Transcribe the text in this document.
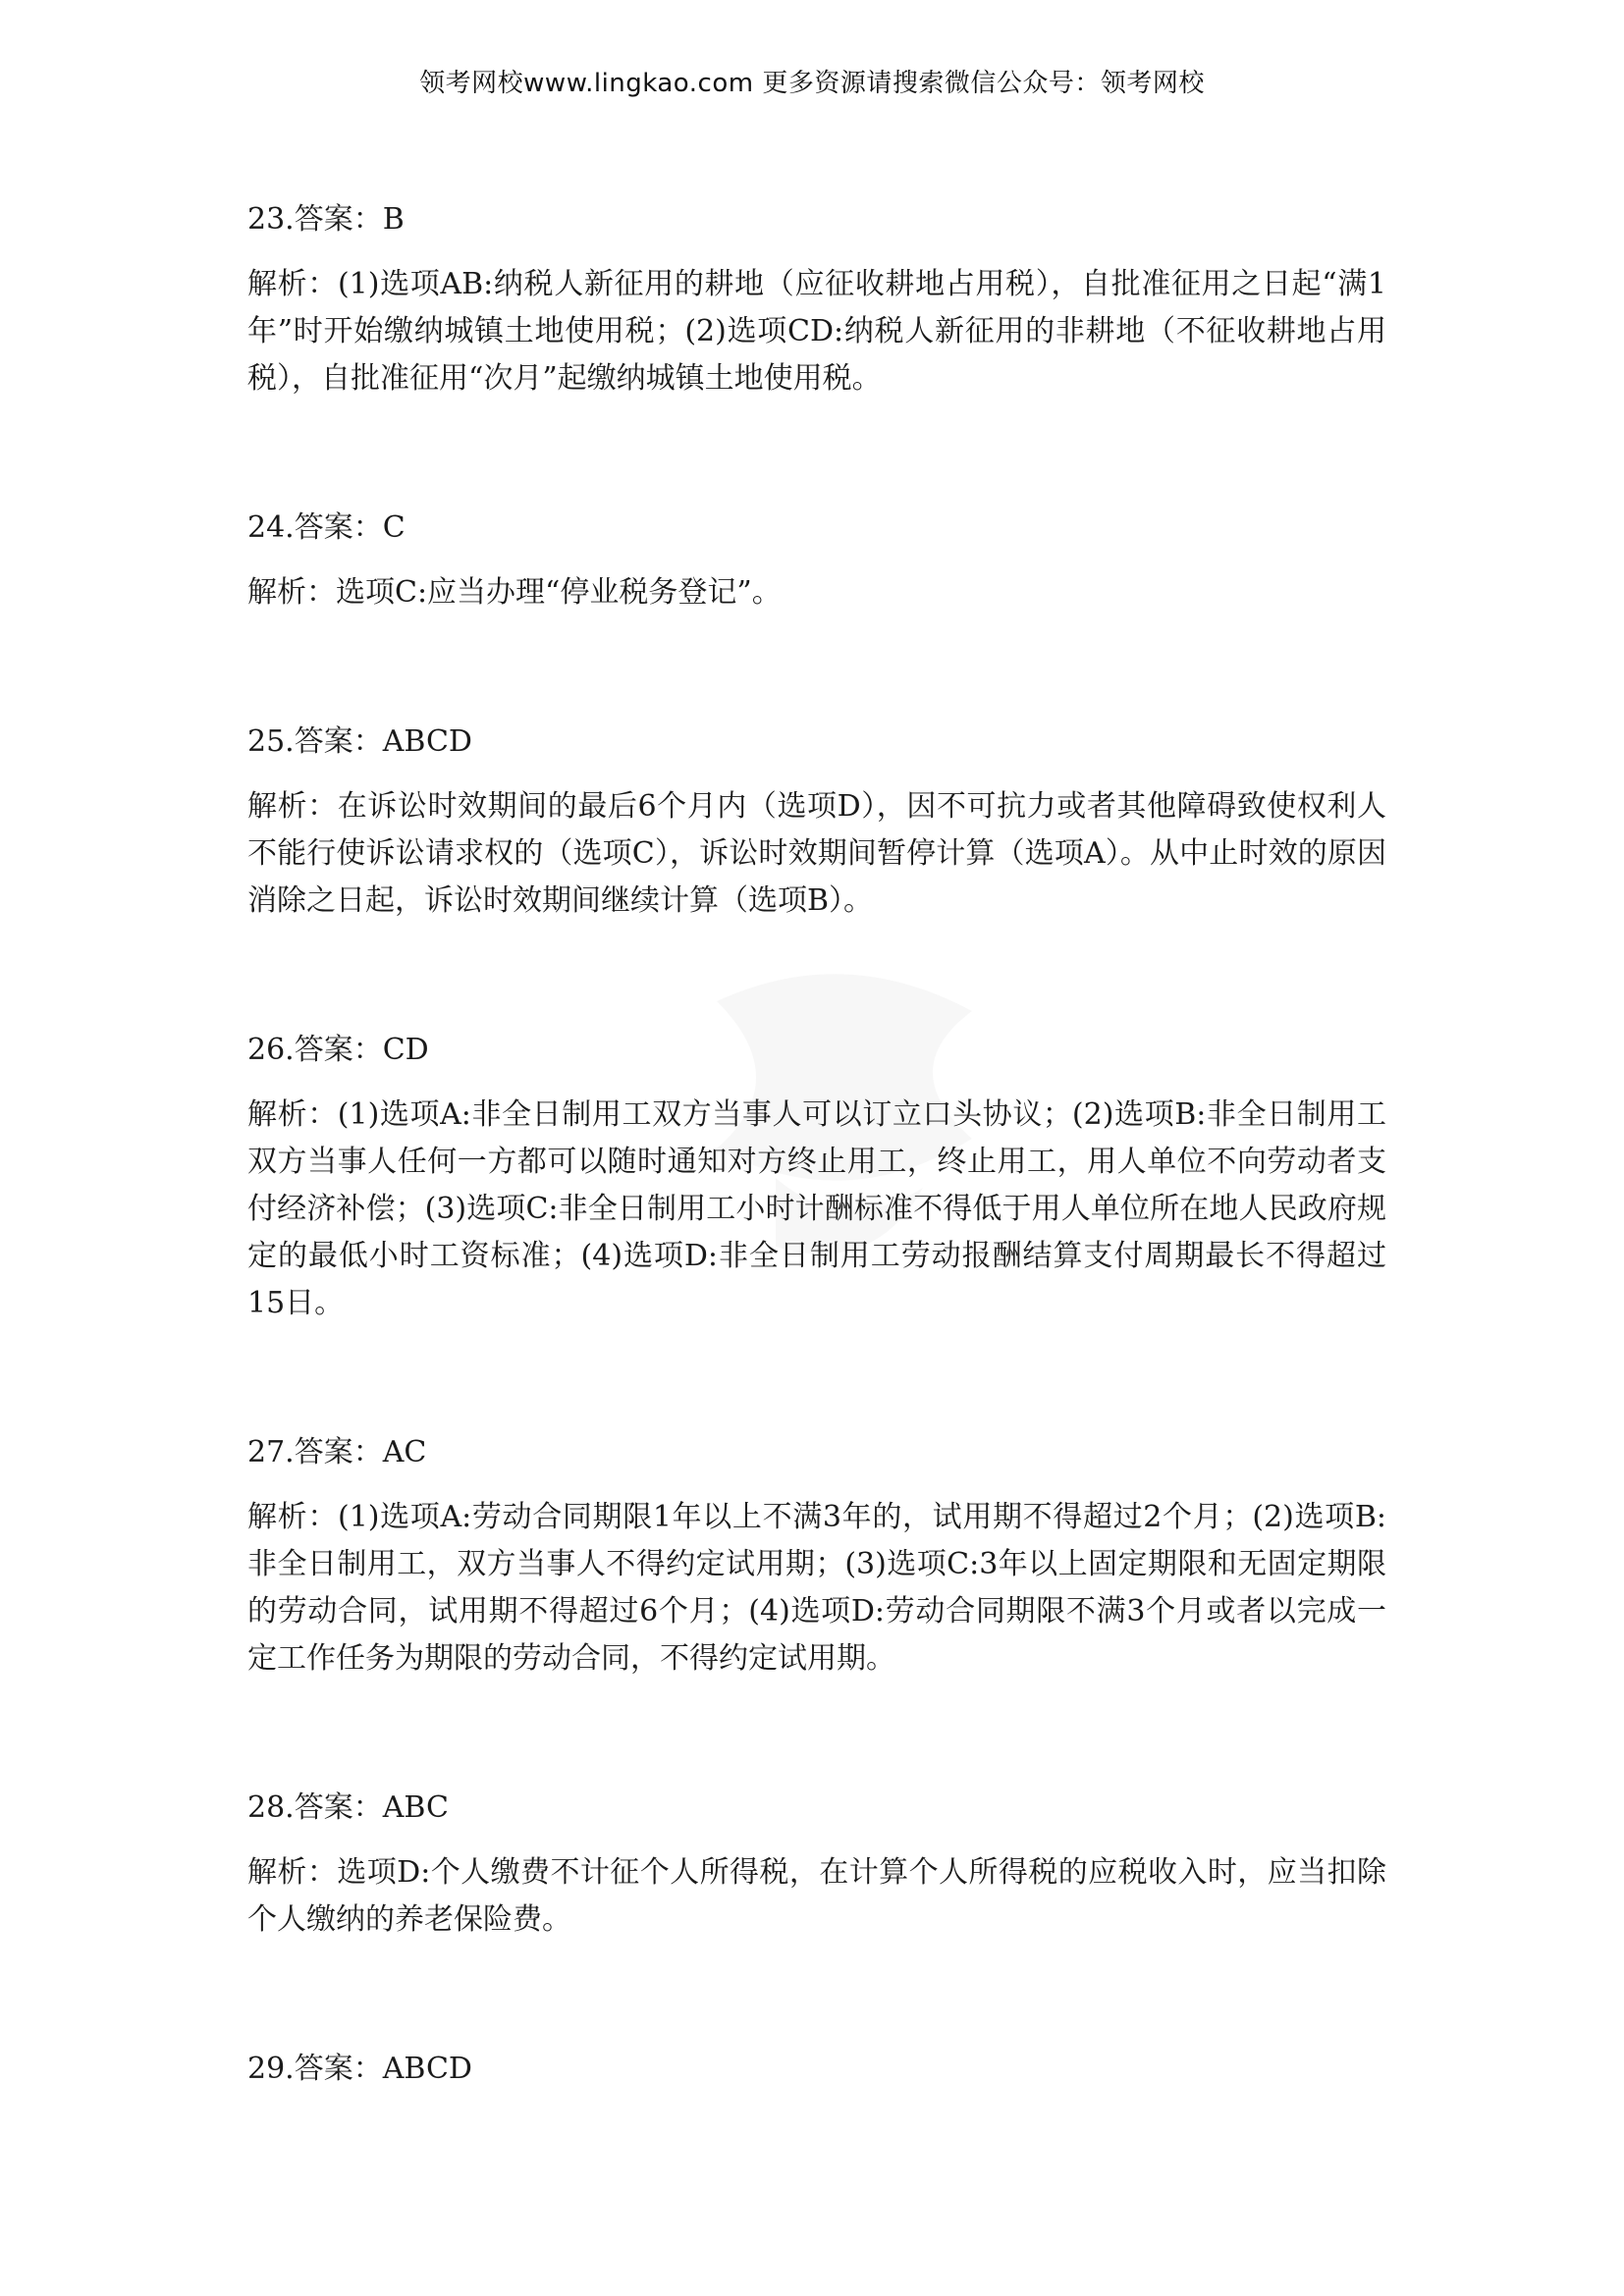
领考网校www.lingkao.com 更多资源请搜索微信公众号：领考网校

23.答案：B

解析：(1)选项AB:纳税人新征用的耕地（应征收耕地占用税），自批准征用之日起“满1年”时开始缴纳城镇土地使用税；(2)选项CD:纳税人新征用的非耕地（不征收耕地占用税），自批准征用“次月”起缴纳城镇土地使用税。

24.答案：C

解析：选项C:应当办理“停业税务登记”。

25.答案：ABCD

解析：在诉讼时效期间的最后6个月内（选项D），因不可抗力或者其他障碍致使权利人不能行使诉讼请求权的（选项C），诉讼时效期间暂停计算（选项A）。从中止时效的原因消除之日起，诉讼时效期间继续计算（选项B）。

26.答案：CD

解析：(1)选项A:非全日制用工双方当事人可以订立口头协议；(2)选项B:非全日制用工双方当事人任何一方都可以随时通知对方终止用工，终止用工，用人单位不向劳动者支付经济补偿；(3)选项C:非全日制用工小时计酬标准不得低于用人单位所在地人民政府规定的最低小时工资标准；(4)选项D:非全日制用工劳动报酬结算支付周期最长不得超过15日。

27.答案：AC

解析：(1)选项A:劳动合同期限1年以上不满3年的，试用期不得超过2个月；(2)选项B:非全日制用工，双方当事人不得约定试用期；(3)选项C:3年以上固定期限和无固定期限的劳动合同，试用期不得超过6个月；(4)选项D:劳动合同期限不满3个月或者以完成一定工作任务为期限的劳动合同，不得约定试用期。

28.答案：ABC

解析：选项D:个人缴费不计征个人所得税，在计算个人所得税的应税收入时，应当扣除个人缴纳的养老保险费。

29.答案：ABCD
